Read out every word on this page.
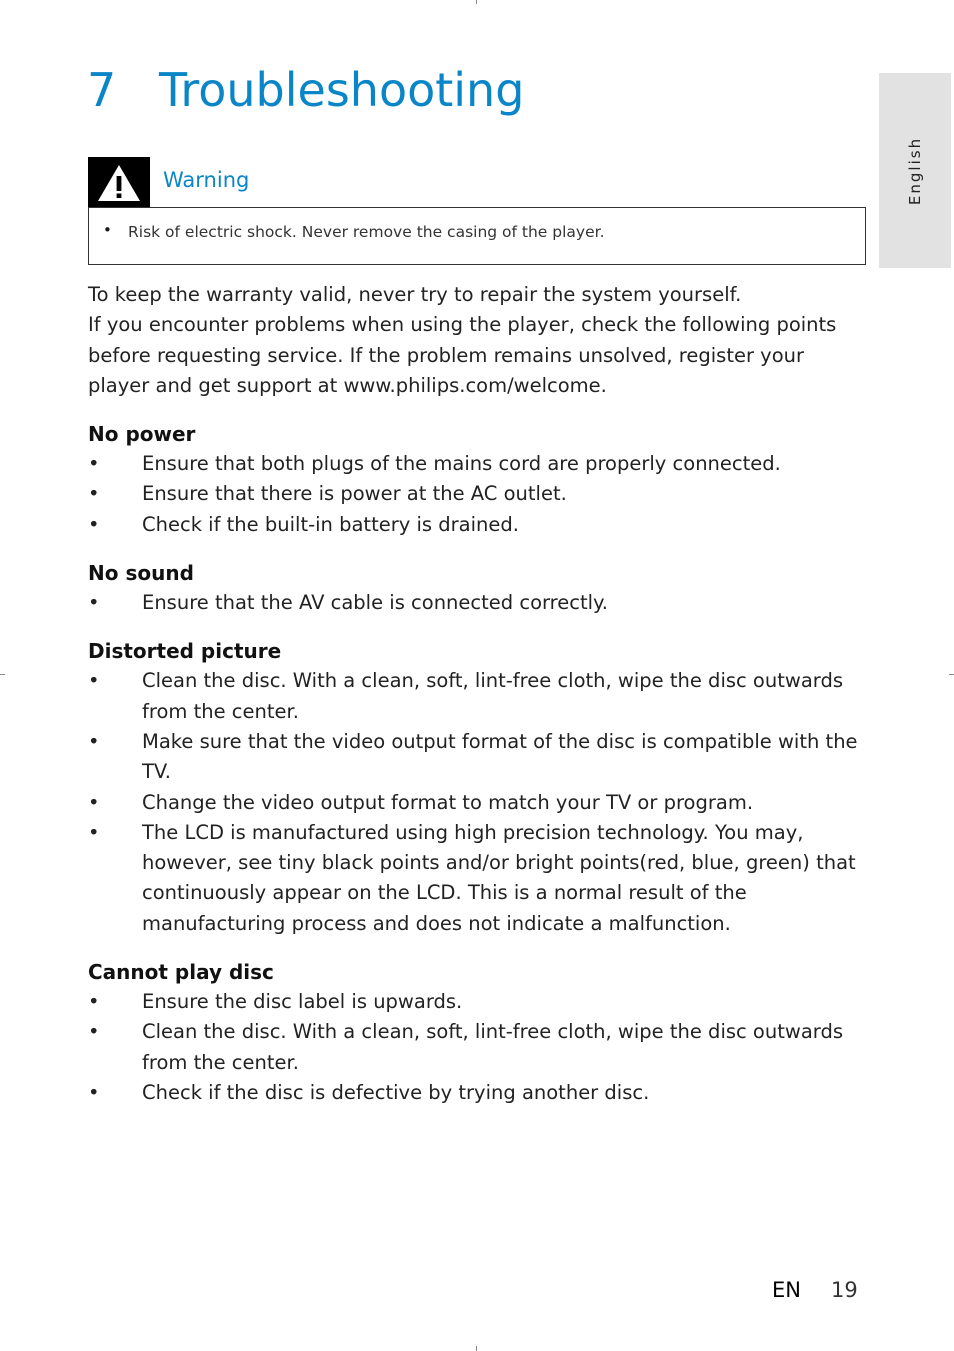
English
7 Troubleshooting
Warning
• Risk of electric shock. Never remove the casing of the player.

To keep the warranty valid, never try to repair the system yourself.

If you encounter problems when using the player, check the following points before requesting service. If the problem remains unsolved, register your player and get support at www.philips.com/welcome.

No power
• Ensure that both plugs of the mains cord are properly connected.
• Ensure that there is power at the AC outlet.
• Check if the built-in battery is drained.
No sound
• Ensure that the AV cable is connected correctly.
Distorted picture
• Clean the disc. With a clean, soft, lint-free cloth, wipe the disc outwards from the center.
• Make sure that the video output format of the disc is compatible with the TV.
• Change the video output format to match your TV or program.
• The LCD is manufactured using high precision technology. You may, however, see tiny black points and/or bright points(red, blue, green) that continuously appear on the LCD. This is a normal result of the manufacturing process and does not indicate a malfunction.
Cannot play disc
• Ensure the disc label is upwards.
• Clean the disc. With a clean, soft, lint-free cloth, wipe the disc outwards from the center.
• Check if the disc is defective by trying another disc.
EN 19
